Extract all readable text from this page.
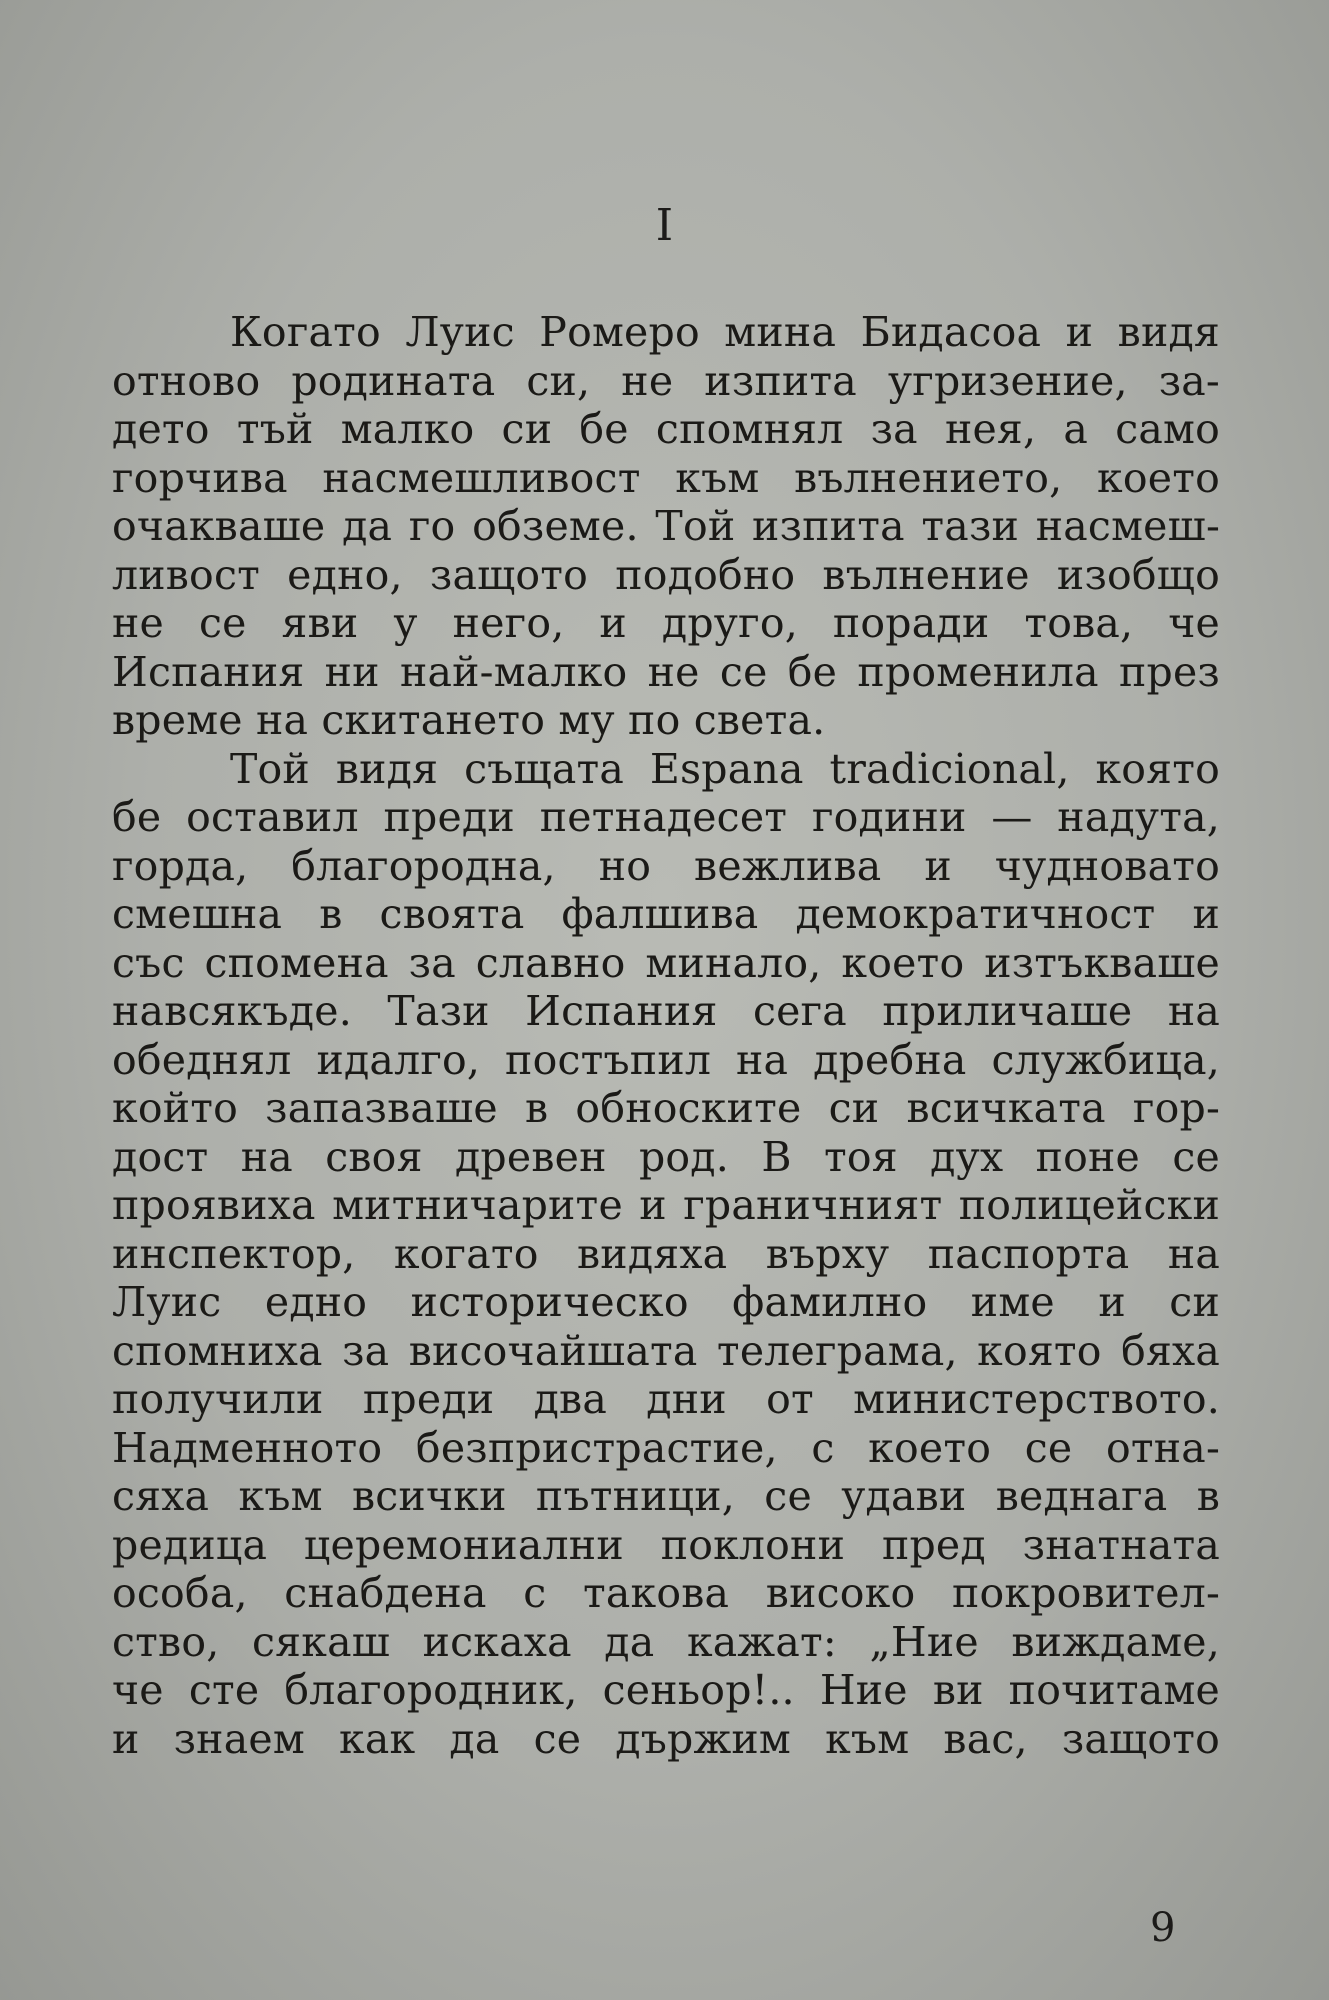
I
Когато Луис Ромеро мина Бидасоа и видя
отново родината си, не изпита угризение, за-
дето тъй малко си бе спомнял за нея, а само
горчива насмешливост към вълнението, което
очакваше да го обземе. Той изпита тази насмеш-
ливост едно, защото подобно вълнение изобщо
не се яви у него, и друго, поради това, че
Испания ни най-малко не се бе променила през
време на скитането му по света.
Той видя същата Espana tradicional, която
бе оставил преди петнадесет години — надута,
горда, благородна, но вежлива и чудновато
смешна в своята фалшива демократичност и
със спомена за славно минало, което изтъкваше
навсякъде. Тази Испания сега приличаше на
обеднял идалго, постъпил на дребна службица,
който запазваше в обноските си всичката гор-
дост на своя древен род. В тоя дух поне се
проявиха митничарите и граничният полицейски
инспектор, когато видяха върху паспорта на
Луис едно историческо фамилно име и си
спомниха за височайшата телеграма, която бяха
получили преди два дни от министерството.
Надменното безпристрастие, с което се отна-
сяха към всички пътници, се удави веднага в
редица церемониални поклони пред знатната
особа, снабдена с такова високо покровител-
ство, сякаш искаха да кажат: „Ние виждаме,
че сте благородник, сеньор!.. Ние ви почитаме
и знаем как да се държим към вас, защото
9
